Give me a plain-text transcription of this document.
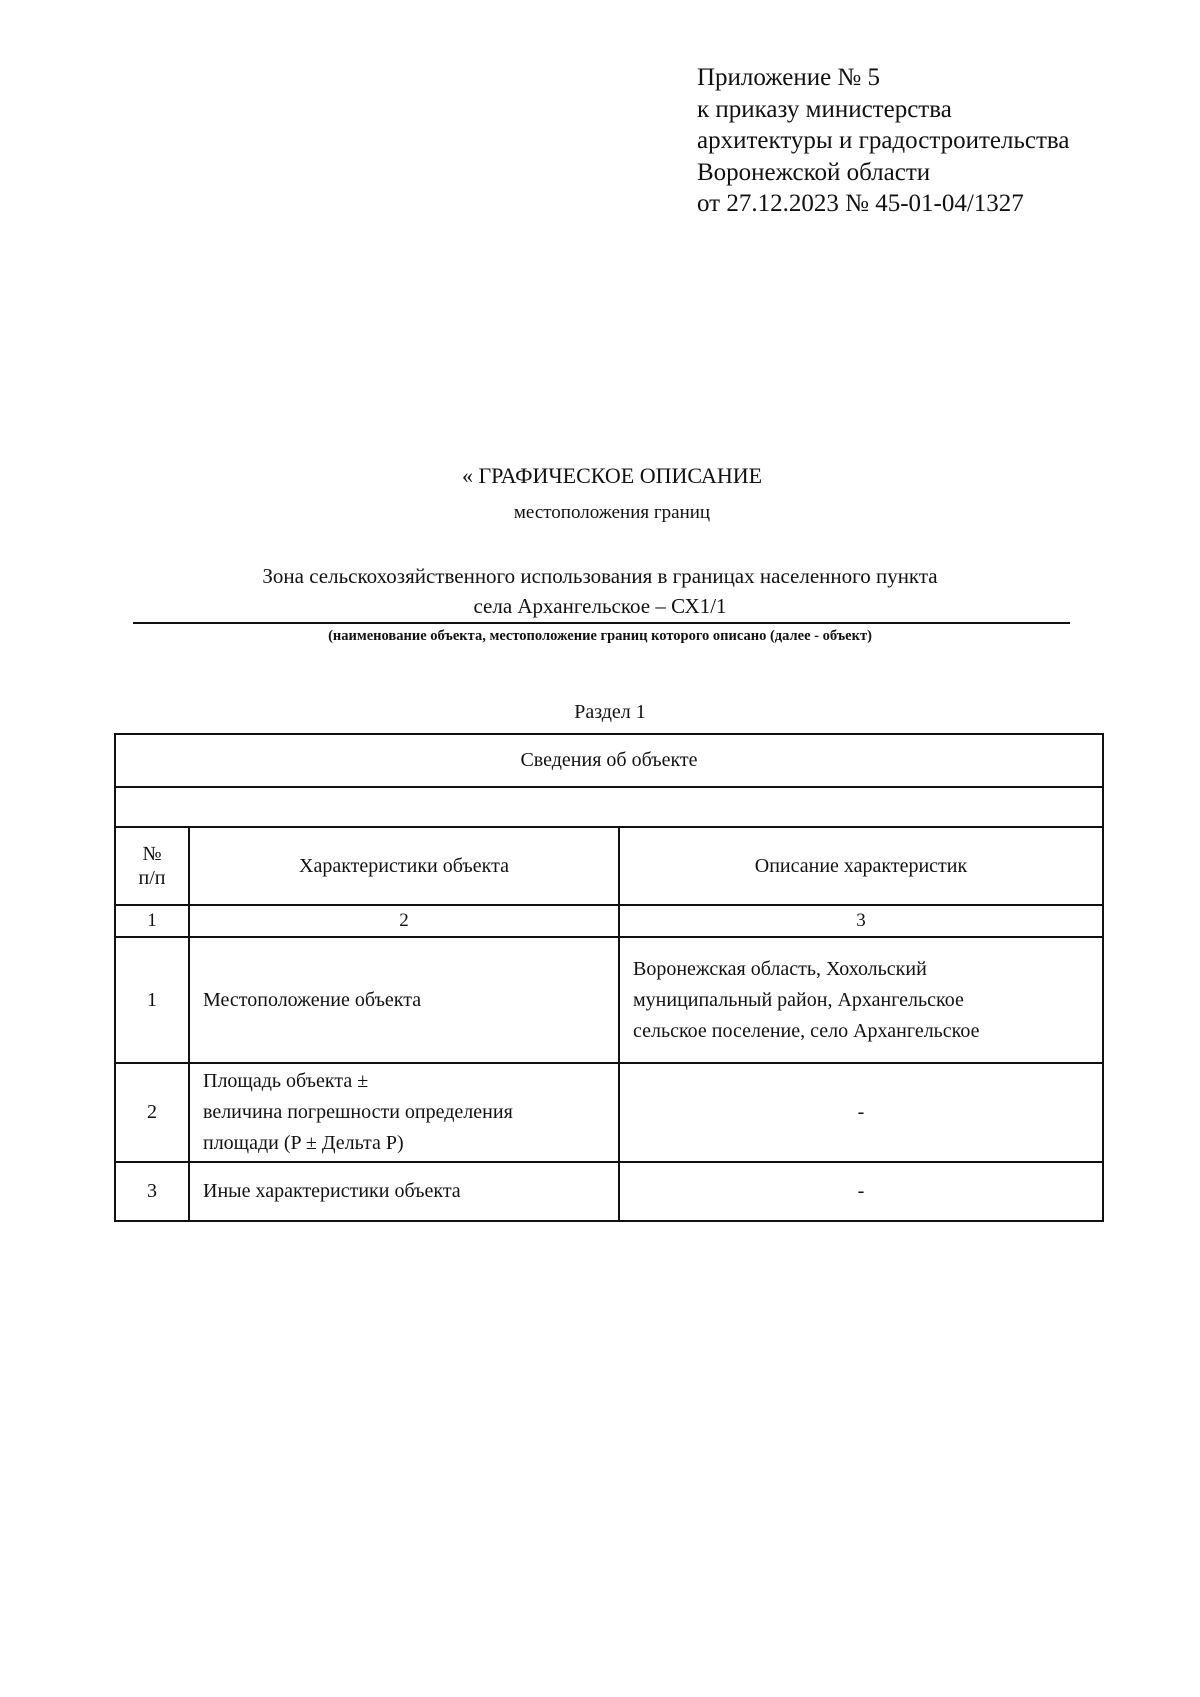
Приложение № 5
к приказу министерства
архитектуры и градостроительства
Воронежской области
от 27.12.2023 № 45-01-04/1327
« ГРАФИЧЕСКОЕ ОПИСАНИЕ
местоположения границ
Зона сельскохозяйственного использования в границах населенного пункта
села Архангельское – СХ1/1
(наименование объекта, местоположение границ которого описано (далее - объект)
Раздел 1
Сведения об объекте		

№
п/п	Характеристики объекта	Описание характеристик
1	2	3
1	Местоположение объекта	Воронежская область, Хохольский
муниципальный район, Архангельское
сельское поселение, село Архангельское

2	Площадь объекта ±
величина погрешности определения
площади (P ± Дельта P)	-

3	Иные характеристики объекта	-
